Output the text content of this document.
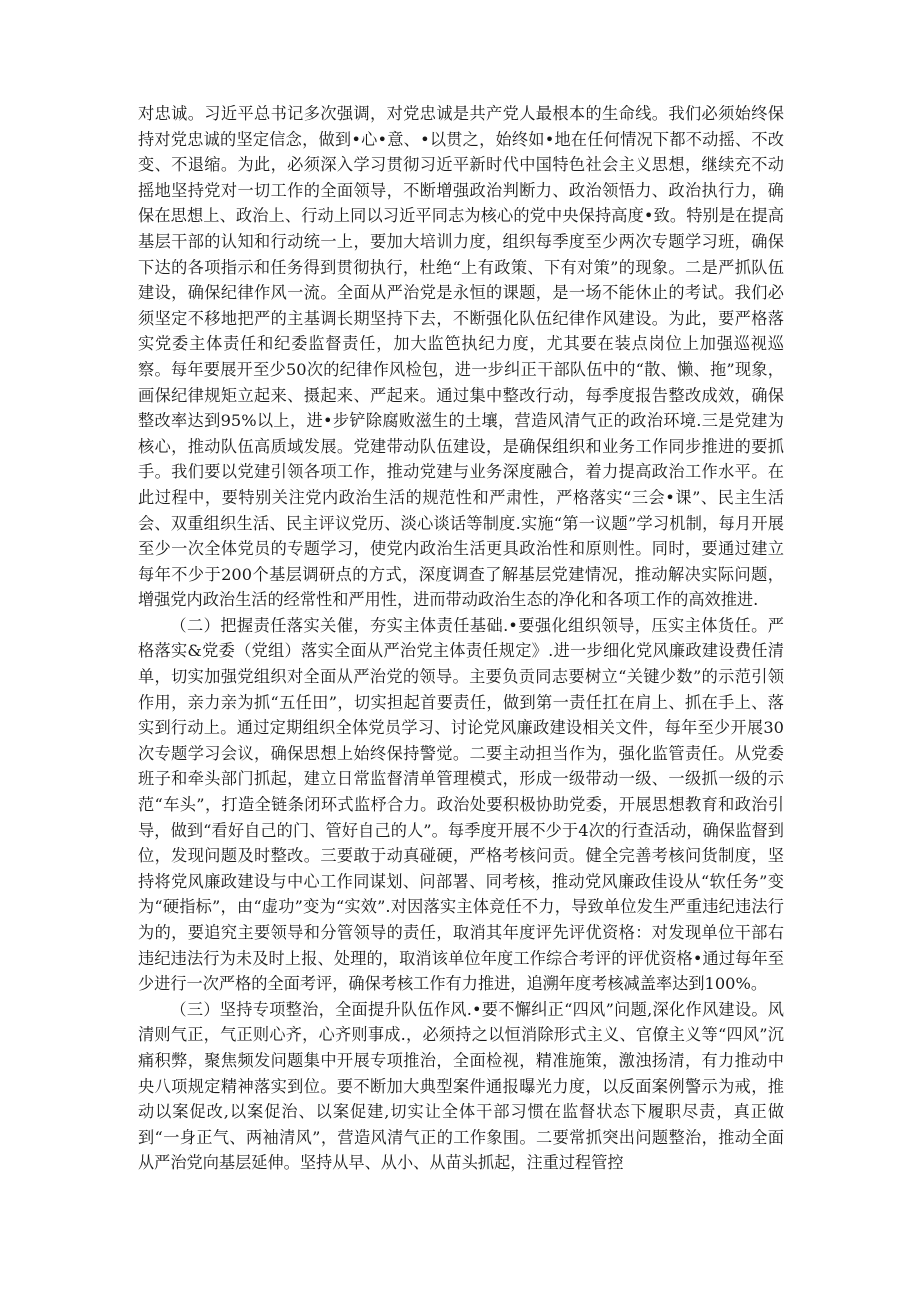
对忠诚。习近平总书记多次强调，对党忠诚是共产党人最根本的生命线。我们必须始终保持对党忠诚的坚定信念，做到•心•意、•以贯之，始终如•地在任何情况下都不动摇、不改变、不退缩。为此，必须深入学习贯彻习近平新时代中国特色社会主义思想，继续充不动摇地坚持党对一切工作的全面领导，不断增强政治判断力、政治领悟力、政治执行力，确保在思想上、政治上、行动上同以习近平同志为核心的党中央保持高度•致。特别是在提高基层干部的认知和行动统一上，要加大培训力度，组织每季度至少两次专题学习班，确保下达的各项指示和任务得到贯彻执行，杜绝“上有政策、下有对策”的现象。二是严抓队伍建设，确保纪律作风一流。全面从严治党是永恒的课题，是一场不能休止的考试。我们必须坚定不移地把严的主基调长期坚持下去，不断强化队伍纪律作风建设。为此，要严格落实党委主体责任和纪委监督责任，加大监笆执纪力度，尤其要在装点岗位上加强巡视巡察。每年要展开至少50次的纪律作风检包，进一步纠正干部队伍中的“散、懒、拖”现象，画保纪律规矩立起来、摄起来、严起来。通过集中整改行动，每季度报告整改成效，确保整改率达到95%以上，进•步铲除腐败滋生的土壤，营造风清气正的政治环境.三是党建为核心，推动队伍高质域发展。党建带动队伍建设，是确保组织和业务工作同步推进的要抓手。我们要以党建引领各项工作，推动党建与业务深度融合，着力提高政治工作水平。在此过程中，要特别关注党内政治生活的规范性和严肃性，严格落实“三会•课”、民主生活会、双重组织生活、民主评议党历、淡心谈话等制度.实施“第一议题”学习机制，每月开展至少一次全体党员的专题学习，使党内政治生活更具政治性和原则性。同时，要通过建立每年不少于200个基层调研点的方式，深度调查了解基层党建情况，推动解决实际问题，增强党内政治生活的经常性和严用性，进而带动政治生态的净化和各项工作的高效推进.

（二）把握责任落实关催，夯实主体责任基础.•要强化组织领导，压实主体货任。严格落实&党委（党组）落实全面从严治党主体责任规定》.进一步细化党风廉政建设费任清单，切实加强党组织对全面从严治党的领导。主要负贡同志要树立“关键少数”的示范引领作用，亲力亲为抓“五任田”，切实担起首要责任，做到第一责任扛在肩上、抓在手上、落实到行动上。通过定期组织全体党员学习、讨论党风廉政建设相关文件，每年至少开展30次专题学习会议，确保思想上始终保持警觉。二要主动担当作为，强化监管责任。从党委班子和牵头部门抓起，建立日常监督清单管理模式，形成一级带动一级、一级抓一级的示范“车头”，打造全链条闭环式监杼合力。政治处要积极协助党委，开展思想教育和政治引导，做到“看好自己的门、管好自己的人”。每季度开展不少于4次的行查活动，确保监督到位，发现问题及时整改。三要敢于动真碰硬，严格考核问贡。健全完善考核问货制度，坚持将党风廉政建设与中心工作同谋划、问部署、同考核，推动党风廉政佳设从“软任务”变为“硬指标”，由“虚功”变为“实效”.对因落实主体竞任不力，导致单位发生严重违纪违法行为的，要追究主要领导和分管领导的责任，取消其年度评先评优资格：对发现单位干部右违纪违法行为未及时上报、处理的，取消该单位年度工作综合考评的评优资格•通过每年至少进行一次严格的全面考评，确保考核工作有力推进，追溯年度考核减盖率达到100%。

（三）坚持专项整治，全面提升队伍作风.•要不懈纠正“四风”问题,深化作风建设。风清则气正，气正则心齐，心齐则事成.，必须持之以恒消除形式主义、官僚主义等“四风”沉痛积弊，聚焦频发问题集中开展专项推治，全面检视，精准施策，激浊扬清，有力推动中央八项规定精神落实到位。要不断加大典型案件通报曝光力度，以反面案例警示为戒，推动以案促改,以案促治、以案促建,切实让全体干部习惯在监督状态下履职尽责，真正做到“一身正气、两袖清风”，营造风清气正的工作象围。二要常抓突出问题整治，推动全面从严治党向基层延伸。坚持从早、从小、从苗头抓起，注重过程管控
